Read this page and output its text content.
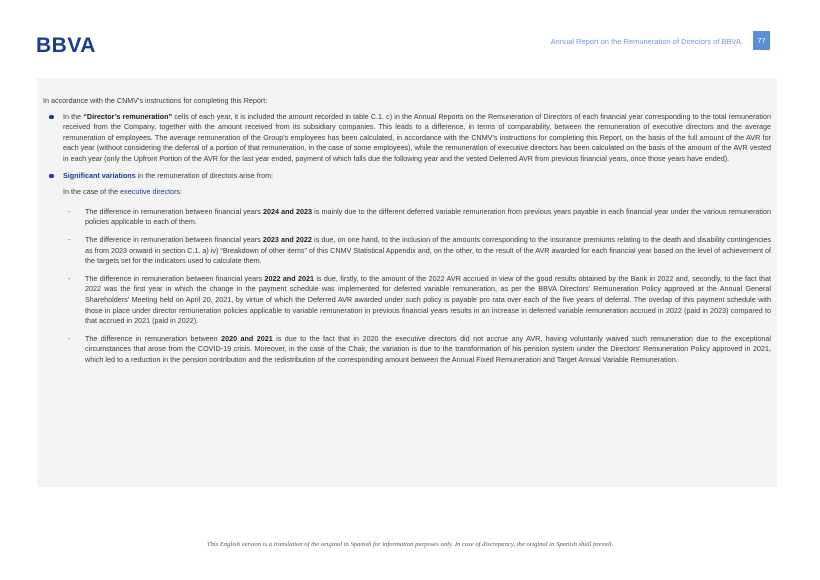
BBVA	Annual Report on the Remuneration of Directors of BBVA	77

In accordance with the CNMV's instructions for completing this Report:

In the “Director’s remuneration” cells of each year, it is included the amount recorded in table C.1. c) in the Annual Reports on the Remuneration of Directors of each financial year corresponding to the total remuneration received from the Company, together with the amount received from its subsidiary companies. This leads to a difference, in terms of comparability, between the remuneration of executive directors and the average remuneration of employees. The average remuneration of the Group's employees has been calculated, in accordance with the CNMV's instructions for completing this Report, on the basis of the full amount of the AVR for each year (without considering the deferral of a portion of that remuneration, in the case of some employees), while the remuneration of executive directors has been calculated on the basis of the amount of the AVR vested in each year (only the Upfront Portion of the AVR for the last year ended, payment of which falls due the following year and the vested Deferred AVR from previous financial years, once those years have ended).
Significant variations in the remuneration of directors arise from:

In the case of the executive directors:

- The difference in remuneration between financial years 2024 and 2023 is mainly due to the different deferred variable remuneration from previous years payable in each financial year under the various remuneration policies applicable to each of them.
- The difference in remuneration between financial years 2023 and 2022 is due, on one hand, to the inclusion of the amounts corresponding to the insurance premiums relating to the death and disability contingencies as from 2023 onward in section C.1. a) iv) “Breakdown of other items” of this CNMV Statistical Appendix and, on the other, to the result of the AVR awarded for each financial year based on the level of achievement of the targets set for the indicators used to calculate them.
- The difference in remuneration between financial years 2022 and 2021 is due, firstly, to the amount of the 2022 AVR accrued in view of the good results obtained by the Bank in 2022 and, secondly, to the fact that 2022 was the first year in which the change in the payment schedule was implemented for deferred variable remuneration, as per the BBVA Directors' Remuneration Policy approved at the Annual General Shareholders' Meeting held on April 20, 2021, by virtue of which the Deferred AVR awarded under such policy is payable pro rata over each of the five years of deferral. The overlap of this payment schedule with those in place under director remuneration policies applicable to variable remuneration in previous financial years results in an increase in deferred variable remuneration accrued in 2022 (paid in 2023) compared to that accrued in 2021 (paid in 2022).
- The difference in remuneration between 2020 and 2021 is due to the fact that in 2020 the executive directors did not accrue any AVR, having voluntarily waived such remuneration due to the exceptional circumstances that arose from the COVID-19 crisis. Moreover, in the case of the Chair, the variation is due to the transformation of his pension system under the Directors' Remuneration Policy approved in 2021, which led to a reduction in the pension contribution and the redistribution of the corresponding amount between the Annual Fixed Remuneration and Target Annual Variable Remuneration.
This English version is a translation of the original in Spanish for information purposes only. In case of discrepancy, the original in Spanish shall prevail.
